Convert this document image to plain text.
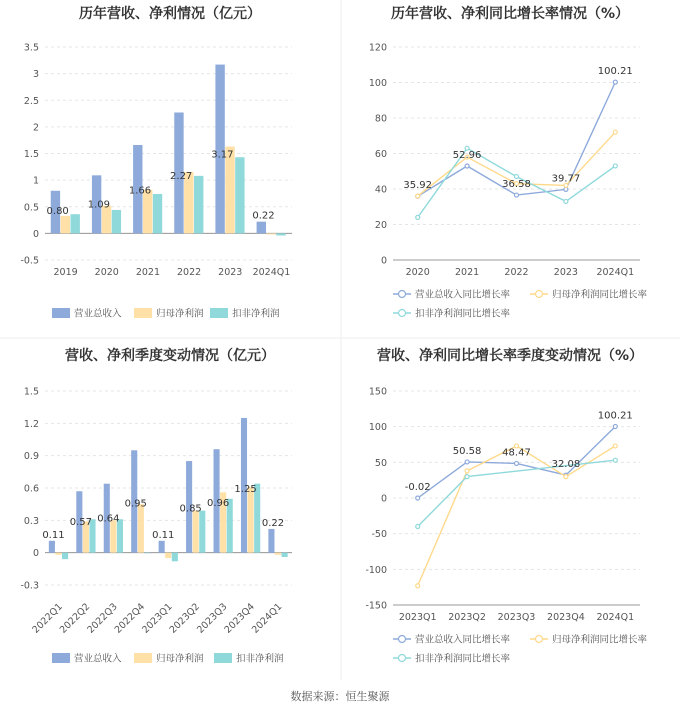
历年营收、净利情况（亿元）
-0.5
0
0.5
1
1.5
2
2.5
3
3.5
2019 2020 2021 2022 2023 2024Q1
0.80
1.09
1.66
2.27
3.17
0.22
营业总收入	归母净利润	扣非净利润
历年营收、净利同比增长率情况（%）
0
20
40
60
80
100
120
2020	2021	2022	2023 2024Q1
35.92
52.96
36.58
39.77
100.21
营业总收入同比增长率	归母净利润同比增长率
扣非净利润同比增长率
营收、净利季度变动情况（亿元）
-0.3
0
0.3
0.6
0.9
1.2
1.5
2022Q1
2022Q2
2022Q3
2022Q4
2023Q1
2023Q2
2023Q3
2023Q4
2024Q1
0.11
0.57 0.64
0.95
0.11
0.85 0.96
1.25
0.22
营业总收入	归母净利润	扣非净利润
营收、净利同比增长率季度变动情况（%）
-150
-100
-50
0
50
100
150
2023Q1 2023Q2 2023Q3 2023Q4 2024Q1
-0.02
50.58 48.47
32.08
100.21
营业总收入同比增长率	归母净利润同比增长率
扣非净利润同比增长率
数据来源：恒生聚源
